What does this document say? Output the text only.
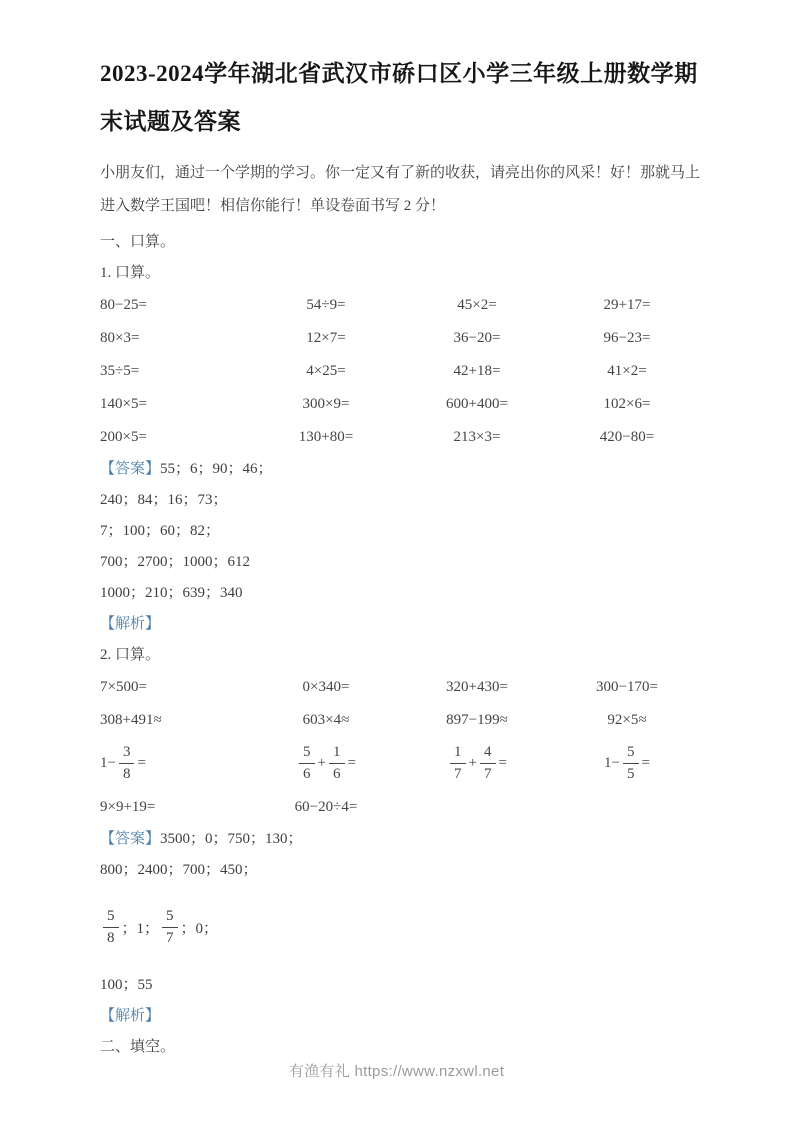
2023-2024学年湖北省武汉市硚口区小学三年级上册数学期末试题及答案

小朋友们，通过一个学期的学习。你一定又有了新的收获，请亮出你的风采！好！那就马上进入数学王国吧！相信你能行！单设卷面书写 2 分！

一、口算。

1. 口算。

80−25=	54÷9=	45×2=	29+17=
80×3=	12×7=	36−20=	96−23=
35÷5=	4×25=	42+18=	41×2=
140×5=	300×9=	600+400=	102×6=
200×5=	130+80=	213×3=	420−80=

【答案】55；6；90；46；

240；84；16；73；

7；100；60；82；

700；2700；1000；612

1000；210；639；340

【解析】

2. 口算。

7×500=	0×340=	320+430=	300−170=
308+491≈	603×4≈	897−199≈	92×5≈
$1- \frac{3}{8}$ =	$\frac{5}{6} + \frac{1}{6}$ =	$\frac{1}{7} + \frac{4}{7}$ =	$1- \frac{5}{5}$ =
9×9+19=	60−20÷4=

【答案】3500；0；750；130；

800；2400；700；450；

$\frac{5}{8}$ ；1； $\frac{5}{7}$ ；0；

100；55

【解析】

二、填空。

有渔有礼 https://www.nzxwl.net
